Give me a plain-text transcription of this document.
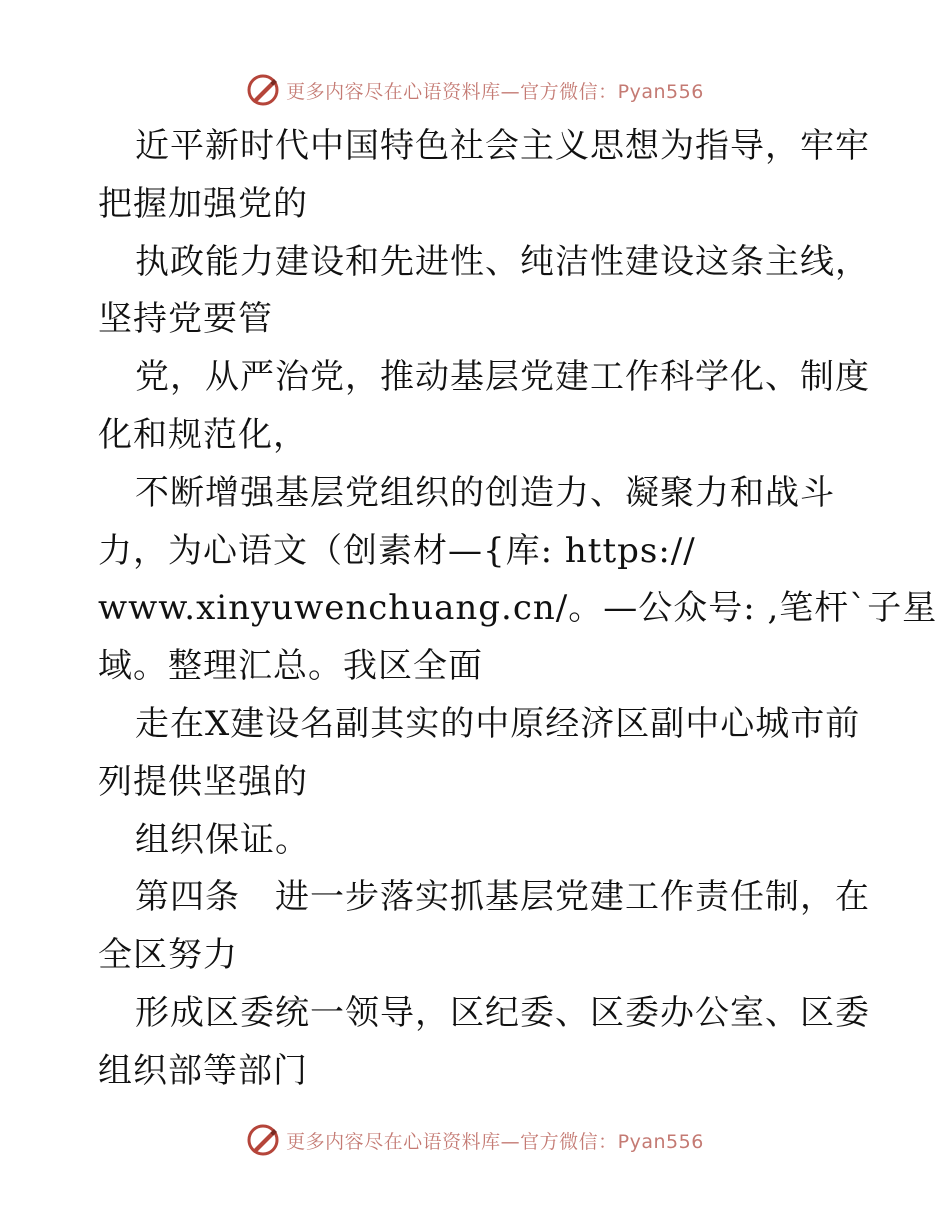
更多内容尽在心语资料库—官方微信：Pyan556
近平新时代中国特色社会主义思想为指导，牢牢
把握加强党的
执政能力建设和先进性、纯洁性建设这条主线，
坚持党要管
党，从严治党，推动基层党建工作科学化、制度
化和规范化，
不断增强基层党组织的创造力、凝聚力和战斗
力，为心语文（创素材—{库: https://
www.xinyuwenchuang.cn/。—公众号: ,笔杆`子星
域。整理汇总。我区全面
走在X建设名副其实的中原经济区副中心城市前
列提供坚强的
组织保证。
第四条　进一步落实抓基层党建工作责任制，在
全区努力
形成区委统一领导，区纪委、区委办公室、区委
组织部等部门
更多内容尽在心语资料库—官方微信：Pyan556
